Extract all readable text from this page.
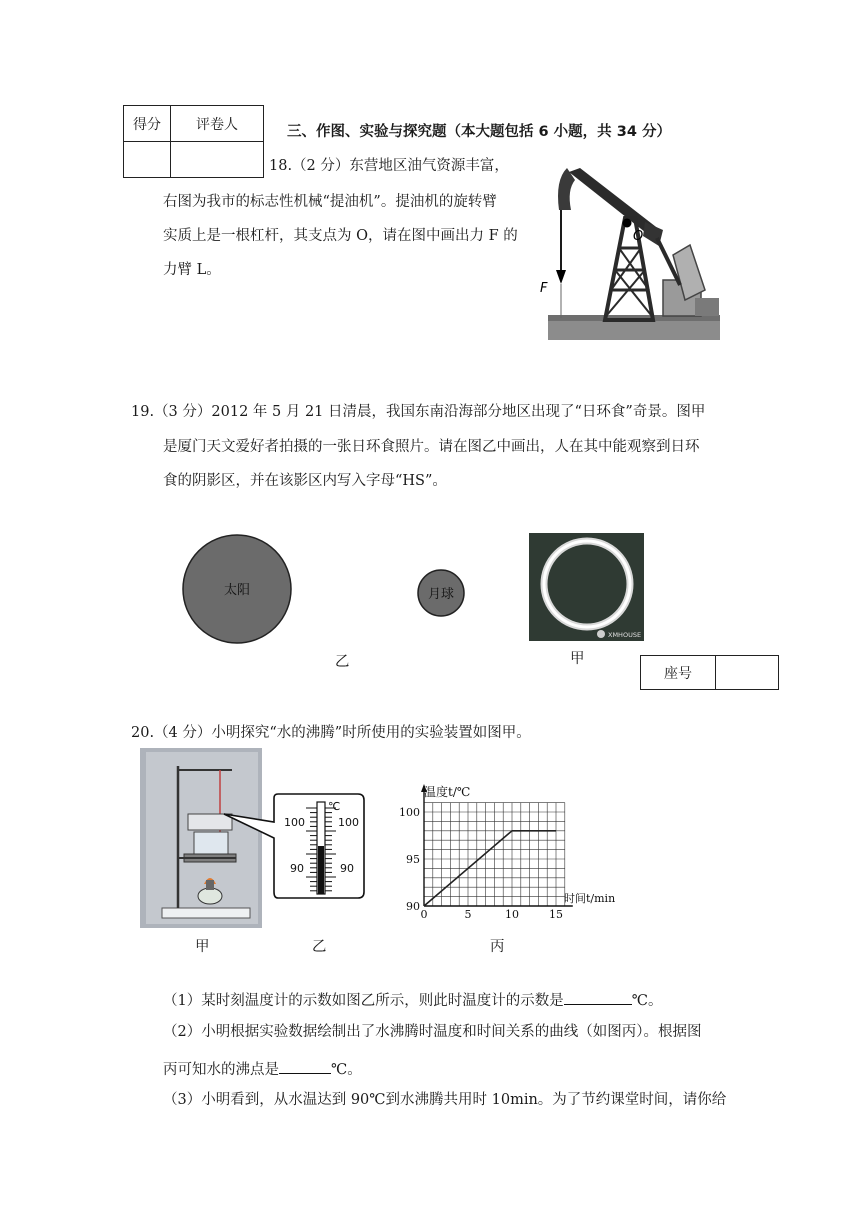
得分	评卷人
		三、作图、实验与探究题（本大题包括 6 小题，共 34 分）
18.（2 分）东营地区油气资源丰富，
右图为我市的标志性机械“提油机”。提油机的旋转臂
实质上是一根杠杆，其支点为 O，请在图中画出力 F 的
力臂 L。
O
F
19.（3 分）2012 年 5 月 21 日清晨，我国东南沿海部分地区出现了“日环食”奇景。图甲
是厦门天文爱好者拍摄的一张日环食照片。请在图乙中画出，人在其中能观察到日环
食的阴影区，并在该影区内写入字母“HS”。
太阳	月球
乙
XMHOUSE
甲
座号	
20.（4 分）小明探究“水的沸腾”时所使用的实验装置如图甲。
甲
℃
100	100
90	90
乙
0	5	10	15
90
95
100
温度t/℃
时间t/min
丙
（1）某时刻温度计的示数如图乙所示，则此时温度计的示数是	℃。
（2）小明根据实验数据绘制出了水沸腾时温度和时间关系的曲线（如图丙）。根据图
丙可知水的沸点是	℃。
（3）小明看到，从水温达到 90℃到水沸腾共用时 10min。为了节约课堂时间，请你给
